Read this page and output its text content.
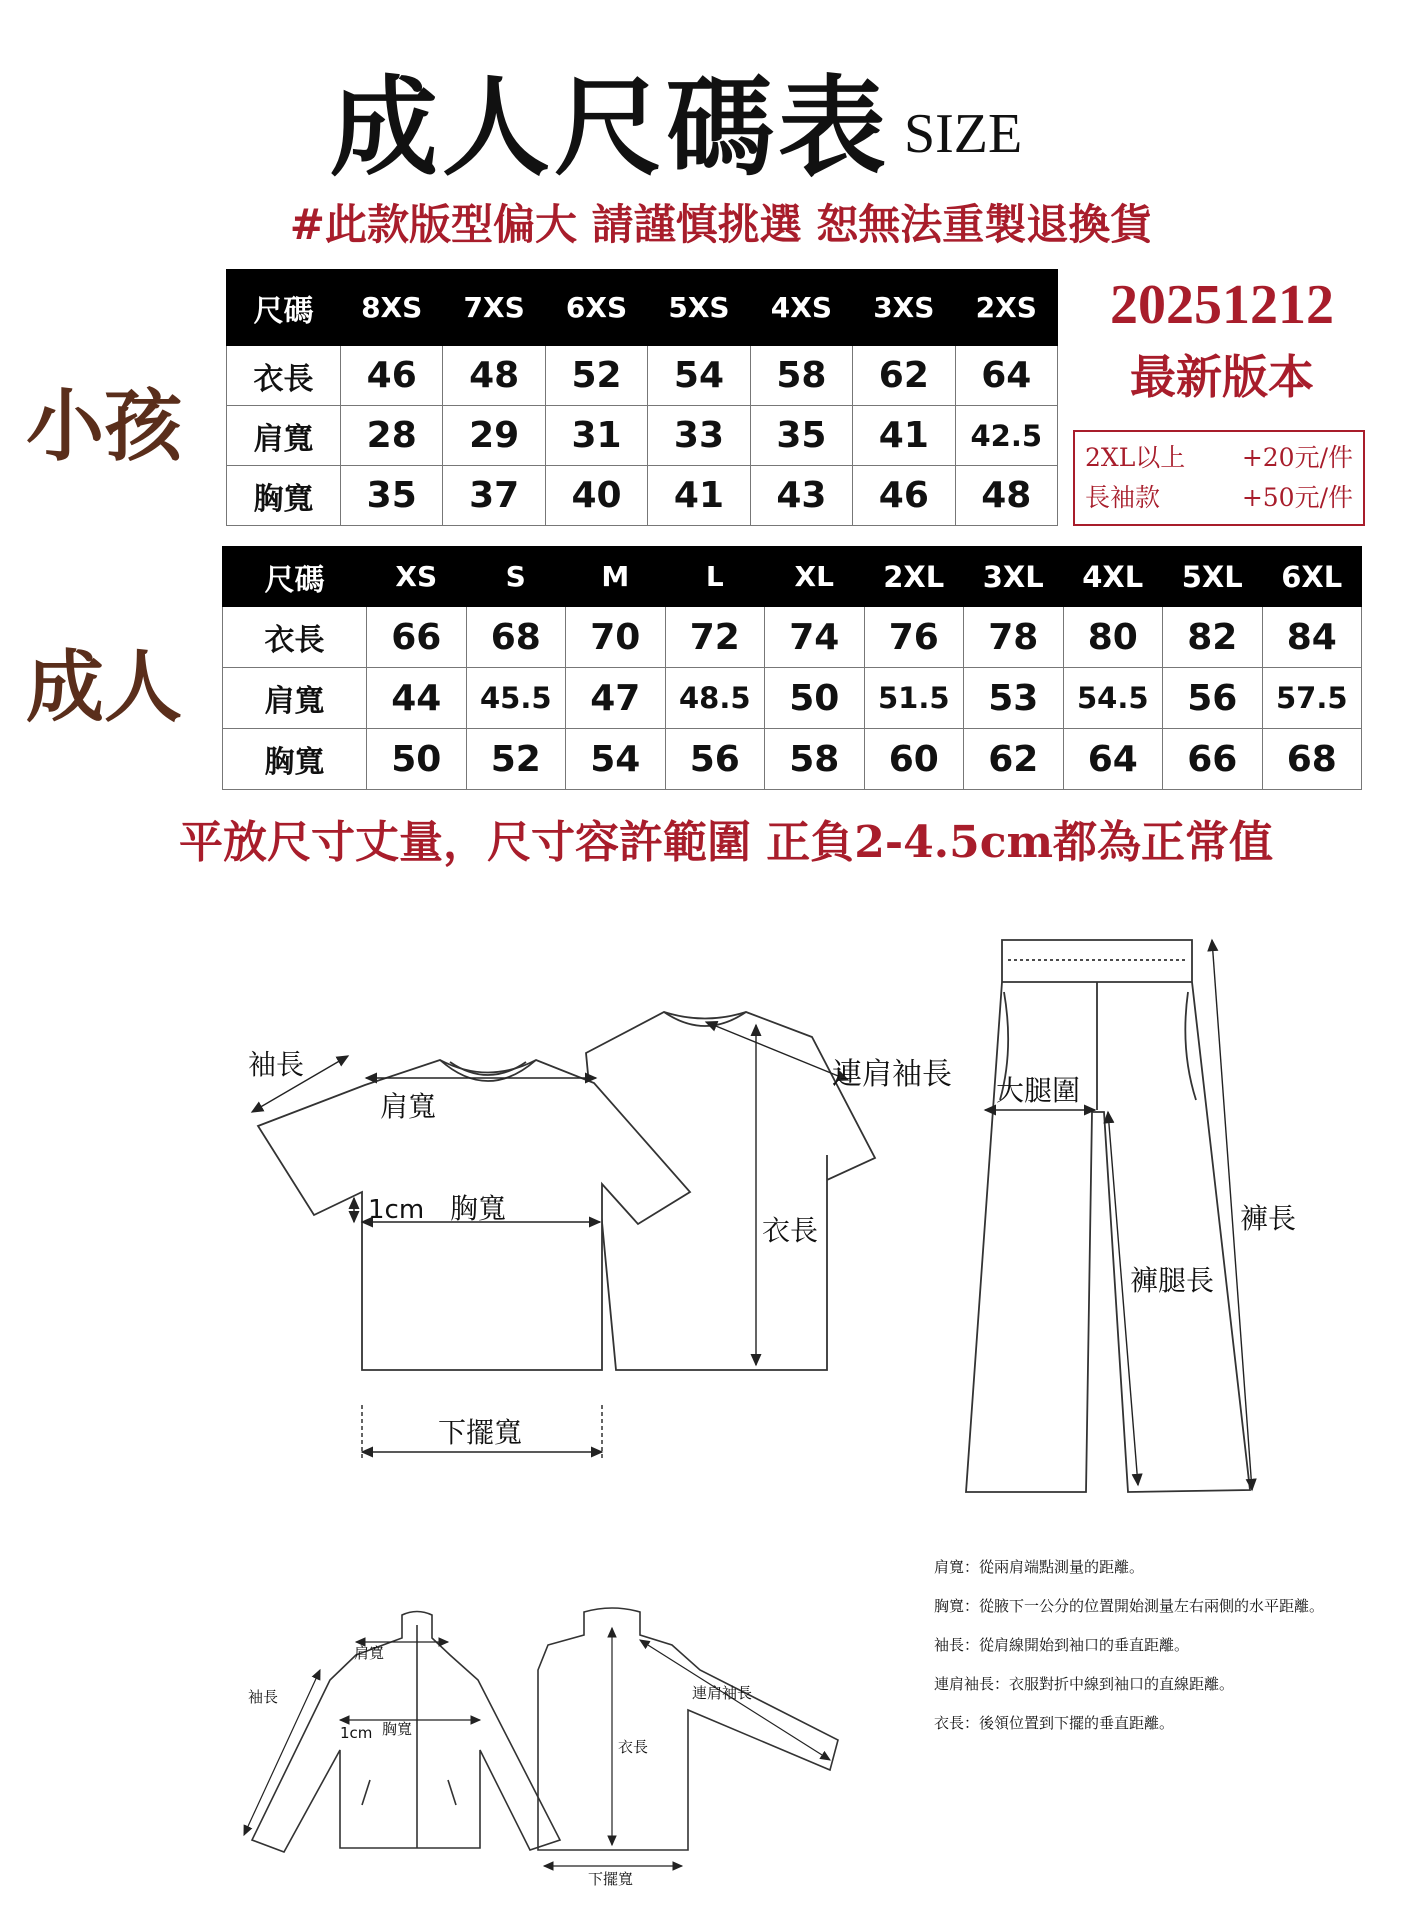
成人尺碼表 SIZE
#此款版型偏大 請謹慎挑選 恕無法重製退換貨
小孩
尺碼	8XS	7XS	6XS	5XS	4XS	3XS	2XS
衣長	46	48	52	54	58	62	64
肩寬	28	29	31	33	35	41	42.5
胸寬	35	37	40	41	43	46	48
20251212
最新版本
2XL以上 +20元/件
長袖款	+50元/件
成人
尺碼	XS	S	M	L	XL	2XL	3XL	4XL	5XL	6XL
衣長	66	68	70	72	74	76	78	80	82	84
肩寬	44	45.5	47	48.5	50	51.5	53	54.5	56	57.5
胸寬	50	52	54	56	58	60	62	64	66	68
平放尺寸丈量，尺寸容許範圍 正負2-4.5cm都為正常值
袖長
肩寬
1cm 胸寬
下擺寬
連肩袖長
衣長
大腿圍
褲長
褲腿長
肩寬
袖長
1cm 胸寬
連肩袖長
衣長
下擺寬
肩寬：從兩肩端點測量的距離。
胸寬：從腋下一公分的位置開始測量左右兩側的水平距離。
袖長：從肩線開始到袖口的垂直距離。
連肩袖長：衣服對折中線到袖口的直線距離。
衣長：後領位置到下擺的垂直距離。
